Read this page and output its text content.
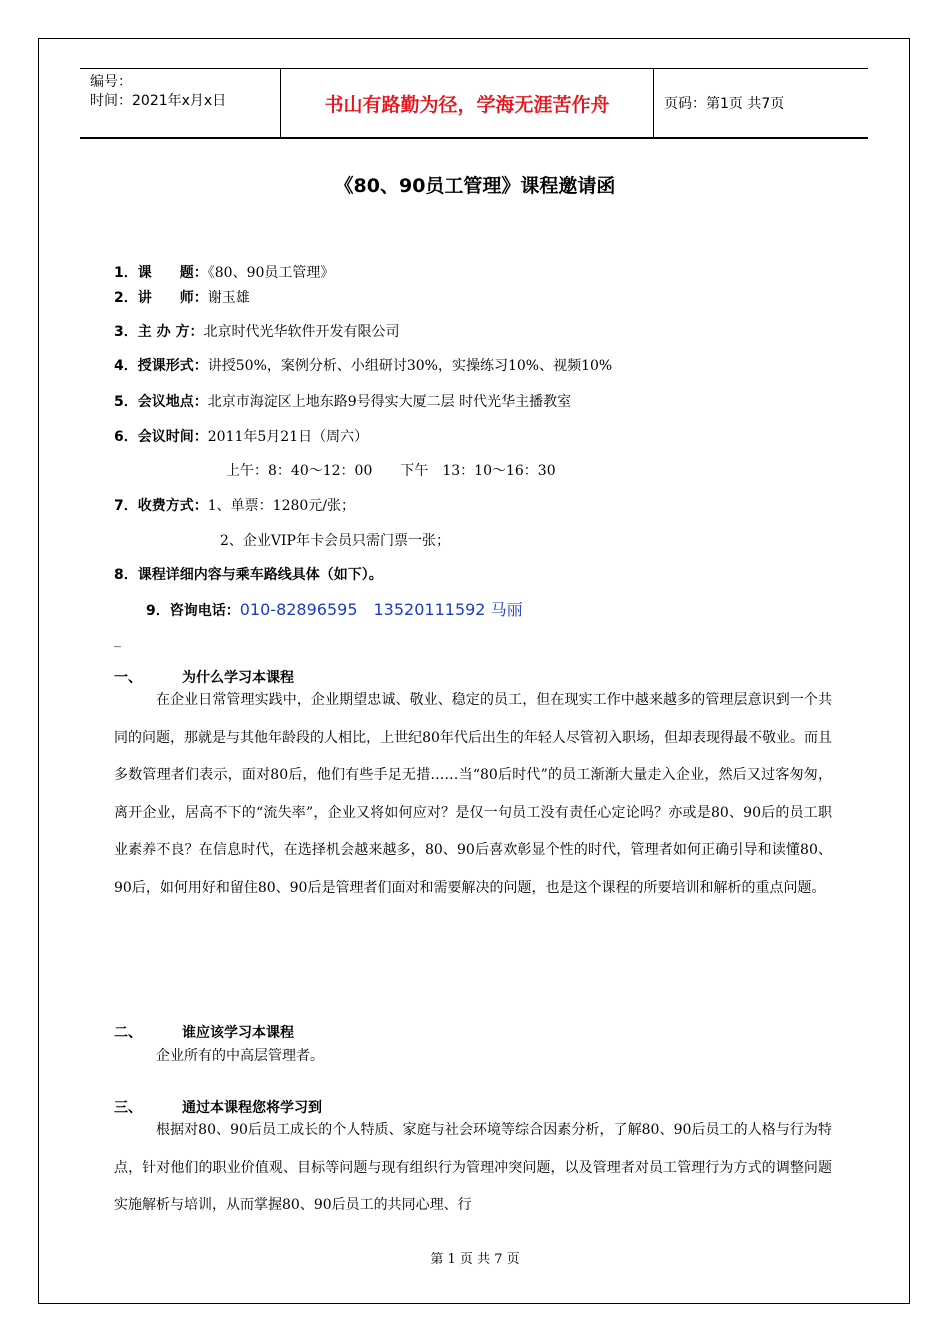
编号：
时间：2021年x月x日	书山有路勤为径，学海无涯苦作舟	页码：第1页 共7页
《80、90员工管理》课程邀请函
1．课　　题：《80、90员工管理》
2．讲　　师：谢玉雄
3．主 办 方：北京时代光华软件开发有限公司
4．授课形式：讲授50%，案例分析、小组研讨30%，实操练习10%、视频10%
5．会议地点：北京市海淀区上地东路9号得实大厦二层 时代光华主播教室
6．会议时间：2011年5月21日（周六）
上午：8：40～12：00　　下午　13：10～16：30
7．收费方式：1、单票：1280元/张；
2、企业VIP年卡会员只需门票一张；
8．课程详细内容与乘车路线具体（如下）。
9．咨询电话：010-82896595　13520111592 马丽
_
一、	为什么学习本课程
在企业日常管理实践中，企业期望忠诚、敬业、稳定的员工，但在现实工作中越来越多的管理层意识到一个共同的问题，那就是与其他年龄段的人相比，上世纪80年代后出生的年轻人尽管初入职场，但却表现得最不敬业。而且多数管理者们表示，面对80后，他们有些手足无措……当“80后时代”的员工渐渐大量走入企业，然后又过客匆匆，离开企业，居高不下的“流失率”，企业又将如何应对？是仅一句员工没有责任心定论吗？亦或是80、90后的员工职业素养不良？在信息时代，在选择机会越来越多，80、90后喜欢彰显个性的时代，管理者如何正确引导和读懂80、90后，如何用好和留住80、90后是管理者们面对和需要解决的问题，也是这个课程的所要培训和解析的重点问题。
二、	谁应该学习本课程
企业所有的中高层管理者。
三、	通过本课程您将学习到
根据对80、90后员工成长的个人特质、家庭与社会环境等综合因素分析，了解80、90后员工的人格与行为特点，针对他们的职业价值观、目标等问题与现有组织行为管理冲突问题，以及管理者对员工管理行为方式的调整问题实施解析与培训，从而掌握80、90后员工的共同心理、行
第 1 页 共 7 页
